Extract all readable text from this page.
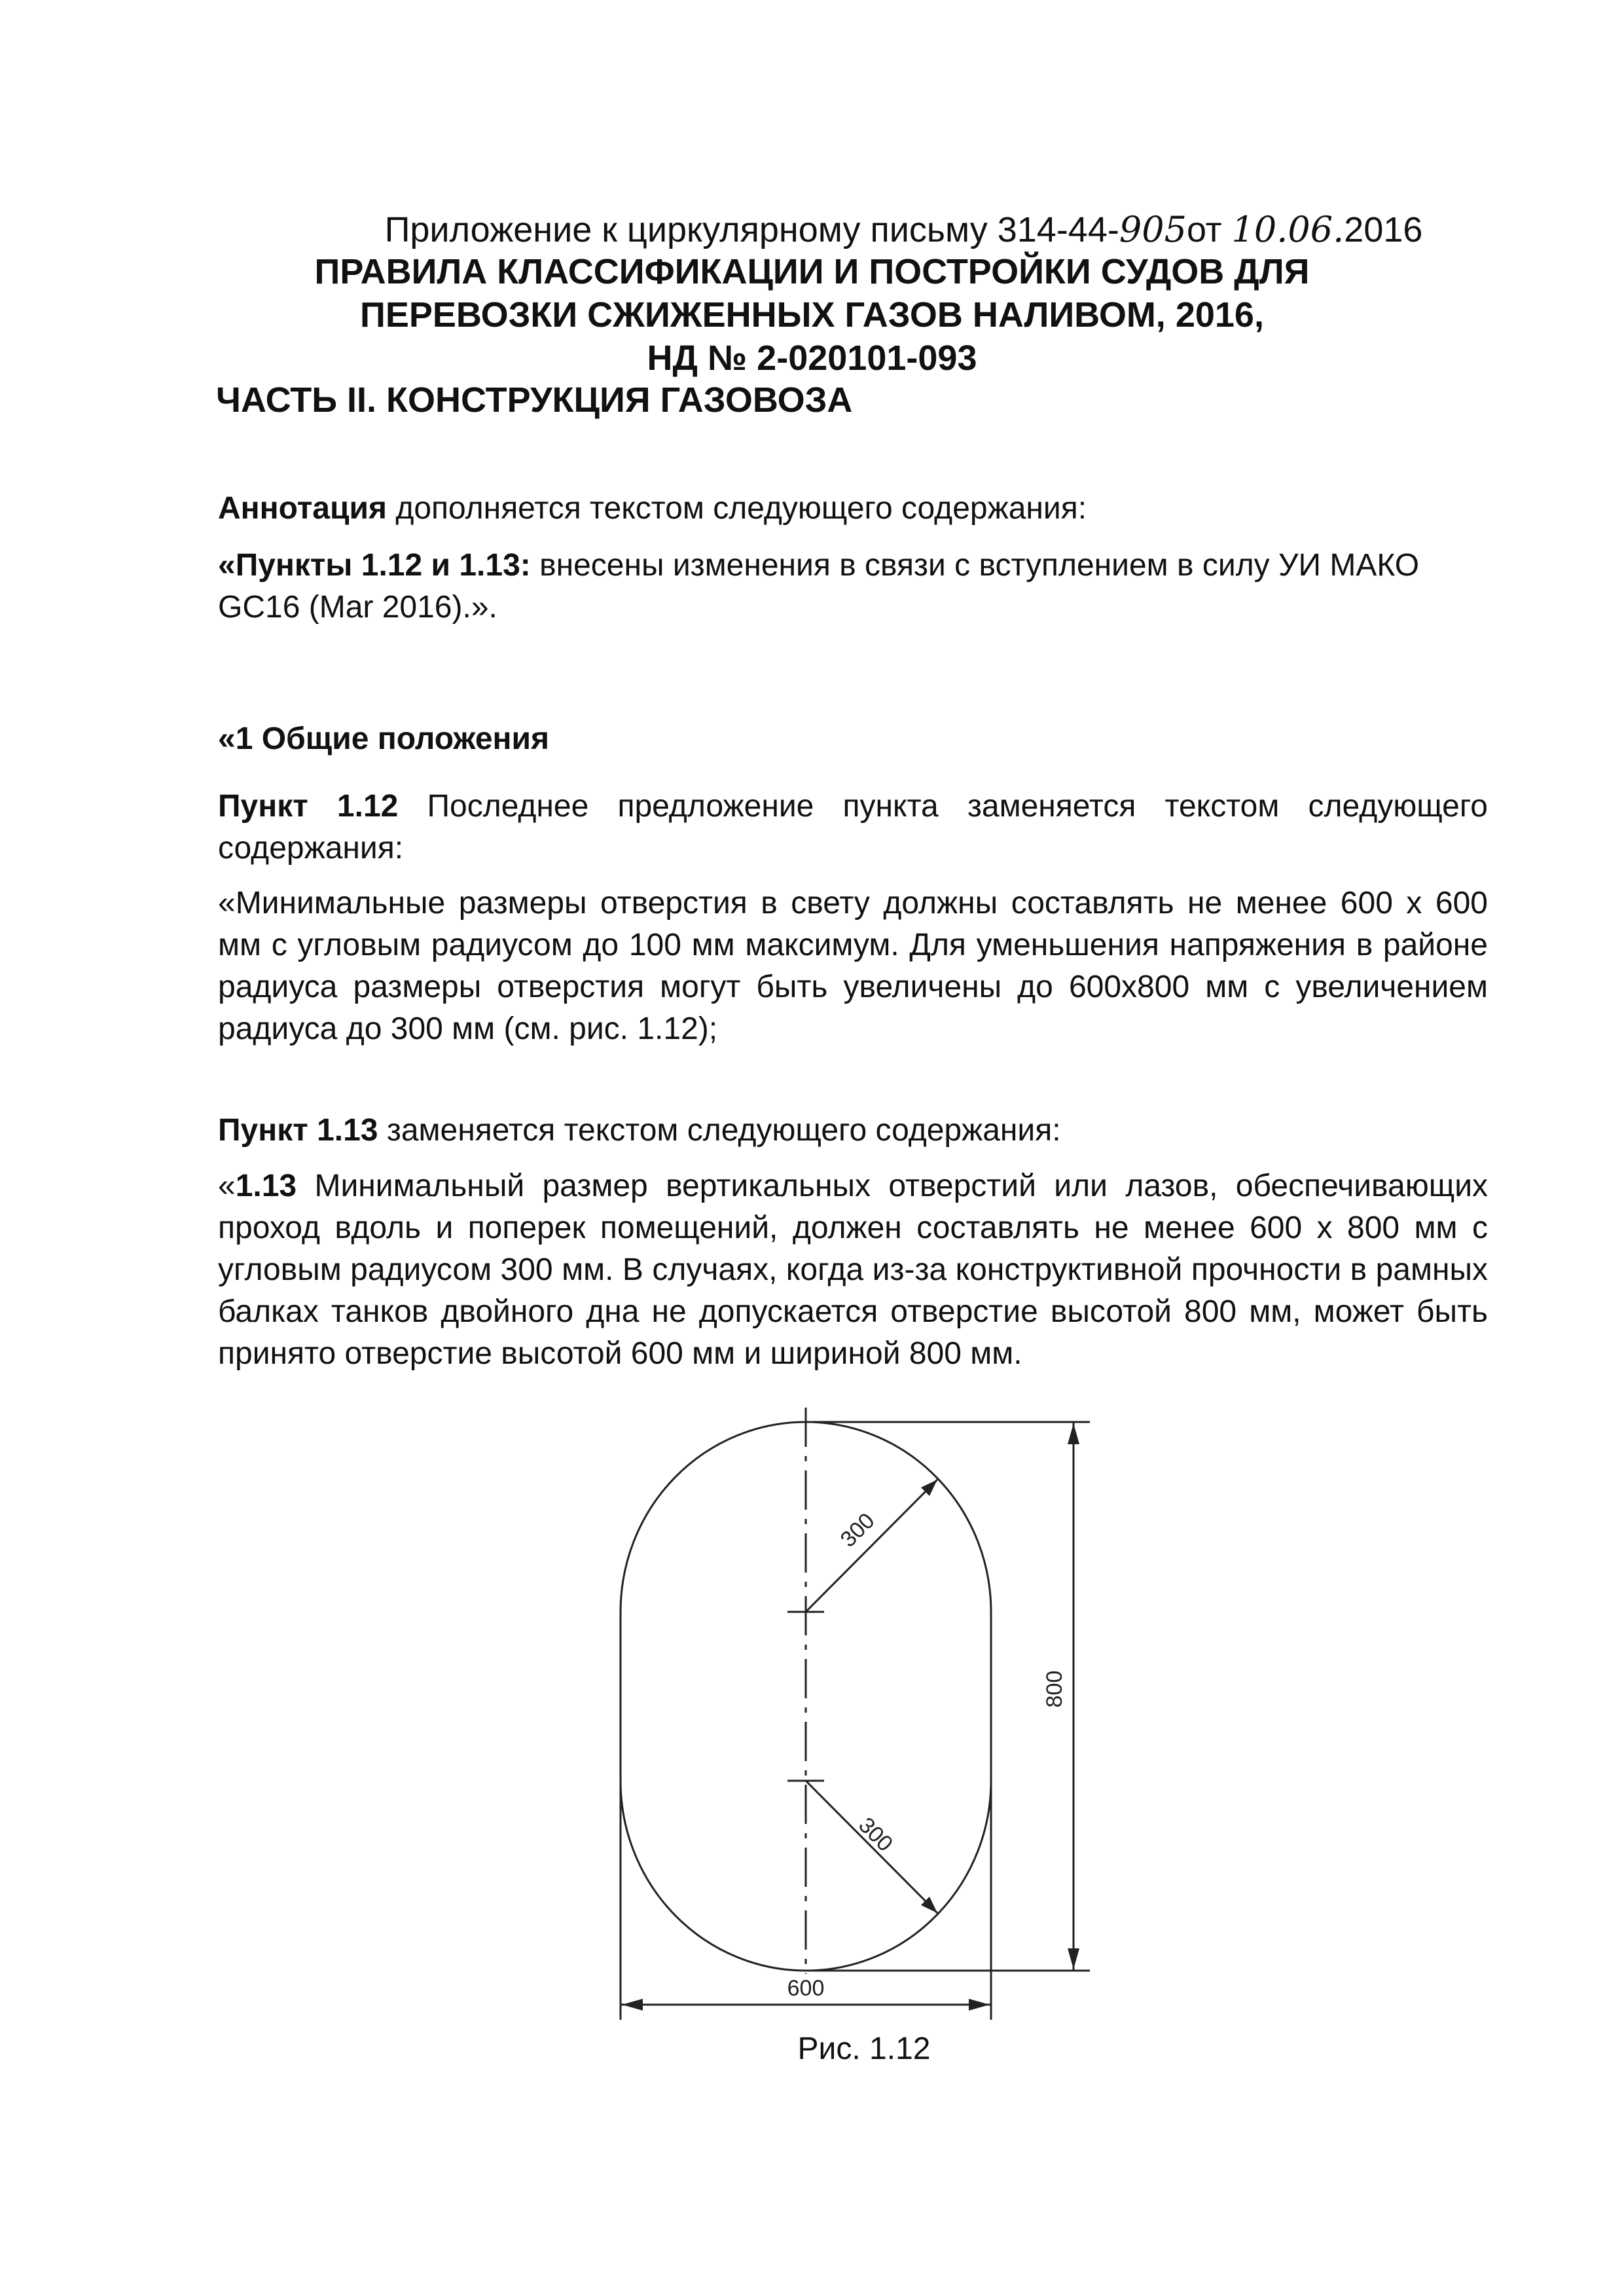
Приложение к циркулярному письму 314-44-905от 10.06.2016
ПРАВИЛА КЛАССИФИКАЦИИ И ПОСТРОЙКИ СУДОВ ДЛЯ
ПЕРЕВОЗКИ СЖИЖЕННЫХ ГАЗОВ НАЛИВОМ, 2016,
НД № 2-020101-093
ЧАСТЬ II. КОНСТРУКЦИЯ ГАЗОВОЗА
Аннотация дополняется текстом следующего содержания:
«Пункты 1.12 и 1.13: внесены изменения в связи с вступлением в силу УИ МАКО GC16 (Mar 2016).».
«1 Общие положения
Пункт 1.12 Последнее предложение пункта заменяется текстом следующего содержания:
«Минимальные размеры отверстия в свету должны составлять не менее 600 х 600 мм с угловым радиусом до 100 мм максимум. Для уменьшения напряжения в районе радиуса размеры отверстия могут быть увеличены до 600х800 мм с увеличением радиуса до 300 мм (см. рис. 1.12);
Пункт 1.13 заменяется текстом следующего содержания:
«1.13 Минимальный размер вертикальных отверстий или лазов, обеспечивающих проход вдоль и поперек помещений, должен составлять не менее 600 х 800 мм с угловым радиусом 300 мм. В случаях, когда из-за конструктивной прочности в рамных балках танков двойного дна не допускается отверстие высотой 800 мм, может быть принято отверстие высотой 600 мм и шириной 800 мм.
300
300
800
600
Рис. 1.12
